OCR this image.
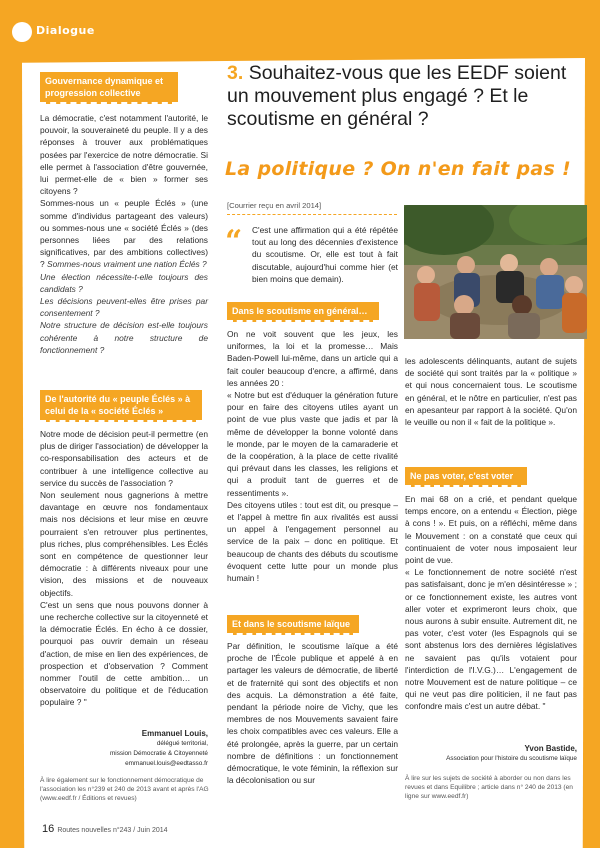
Dialogue
Gouvernance dynamique et progression collective

La démocratie, c'est notamment l'autorité, le pouvoir, la souveraineté du peuple. Il y a des réponses à trouver aux problématiques posées par l'exercice de notre démocratie. Si elle permet à l'association d'être gouvernée, lui permet-elle de « bien » former ses citoyens ?

Sommes-nous un « peuple Éclés » (une somme d'individus partageant des valeurs) ou sommes-nous une « société Éclés » (des personnes liées par des relations significatives, par des ambitions collectives) ? Sommes-nous vraiment une nation Éclés ?

Une élection nécessite-t-elle toujours des candidats ?

Les décisions peuvent-elles être prises par consentement ?

Notre structure de décision est-elle toujours cohérente à notre structure de fonctionnement ?

De l'autorité du « peuple Éclés » à celui de la « société Éclés »

Notre mode de décision peut-il permettre (en plus de diriger l'association) de développer la co-responsabilisation des acteurs et de contribuer à une intelligence collective au service du succès de l'association ?

Non seulement nous gagnerions à mettre davantage en œuvre nos fondamentaux mais nos décisions et leur mise en œuvre pourraient s'en retrouver plus pertinentes, plus riches, plus compréhensibles. Les Éclés sont en compétence de questionner leur démocratie : à différents niveaux pour une vision, des missions et de nouveaux objectifs.

C'est un sens que nous pouvons donner à une recherche collective sur la citoyenneté et la démocratie Éclés. En écho à ce dossier, pourquoi pas ouvrir demain un réseau d'action, de mise en lien des expériences, de prospection et d'observation ? Comment nommer l'outil de cette ambition… un observatoire du politique et de l'éducation populaire ? "

Emmanuel Louis,
délégué territorial,
mission Démocratie & Citoyenneté
emmanuel.louis@eedtasso.fr
À lire également sur le fonctionnement démocratique de l'association les n°239 et 240 de 2013 avant et après l'AG (www.eedf.fr / Éditions et revues)
3. Souhaitez-vous que les EEDF soient un mouvement plus engagé ? Et le scoutisme en général ?
La politique ? On n'en fait pas !
[Courrier reçu en avril 2014]
“ C'est une affirmation qui a été répétée tout au long des décennies d'existence du scoutisme. Or, elle est tout à fait discutable, aujourd'hui comme hier (et bien moins que demain).
Dans le scoutisme en général…

On ne voit souvent que les jeux, les uniformes, la loi et la promesse… Mais Baden-Powell lui-même, dans un article qui a fait couler beaucoup d'encre, a affirmé, dans les années 20 :

« Notre but est d'éduquer la génération future pour en faire des citoyens utiles ayant un point de vue plus vaste que jadis et par là même de développer la bonne volonté dans le monde, par le moyen de la camaraderie et de la coopération, à la place de cette rivalité qui prévaut dans les classes, les religions et qui a produit tant de guerres et de ressentiments ».

Des citoyens utiles : tout est dit, ou presque – et l'appel à mettre fin aux rivalités est aussi un appel à l'engagement personnel au service de la paix – donc en politique. Et beaucoup de chants des débuts du scoutisme évoquent cette lutte pour un monde plus humain !

Et dans le scoutisme laïque
Par définition, le scoutisme laïque a été proche de l'École publique et appelé à en partager les valeurs de démocratie, de liberté et de fraternité qui sont des objectifs et non des acquis. La démonstration a été faite, pendant la période noire de Vichy, que les membres de nos Mouvements savaient faire les choix compatibles avec ces valeurs. Elle a été prolongée, après la guerre, par un certain nombre de définitions : un fonctionnement démocratique, le vote féminin, la réflexion sur la décolonisation ou sur
les adolescents délinquants, autant de sujets de société qui sont traités par la « politique » et qui nous concernaient tous. Le scoutisme en général, et le nôtre en particulier, n'est pas en apesanteur par rapport à la société. Qu'on le veuille ou non il « fait de la politique ».
Ne pas voter, c'est voter

En mai 68 on a crié, et pendant quelque temps encore, on a entendu « Élection, piège à cons ! ». Et puis, on a réfléchi, même dans le Mouvement : on a constaté que ceux qui continuaient de voter nous imposaient leur point de vue.

« Le fonctionnement de notre société n'est pas satisfaisant, donc je m'en désintéresse » ; or ce fonctionnement existe, les autres vont aller voter et exprimeront leurs choix, que nous aurons à subir ensuite. Autrement dit, ne pas voter, c'est voter (les Espagnols qui se sont abstenus lors des dernières législatives ne savaient pas qu'ils votaient pour l'interdiction de l'I.V.G.)… L'engagement de notre Mouvement est de nature politique – ce qui ne veut pas dire politicien, il ne faut pas confondre mais c'est un autre débat. "

Yvon Bastide,
Association pour l'histoire du scoutisme laïque
À lire sur les sujets de société à aborder ou non dans les revues et dans Equilibre ; article dans n° 240 de 2013 (en ligne sur www.eedf.fr)
16 Routes nouvelles n°243 / Juin 2014
